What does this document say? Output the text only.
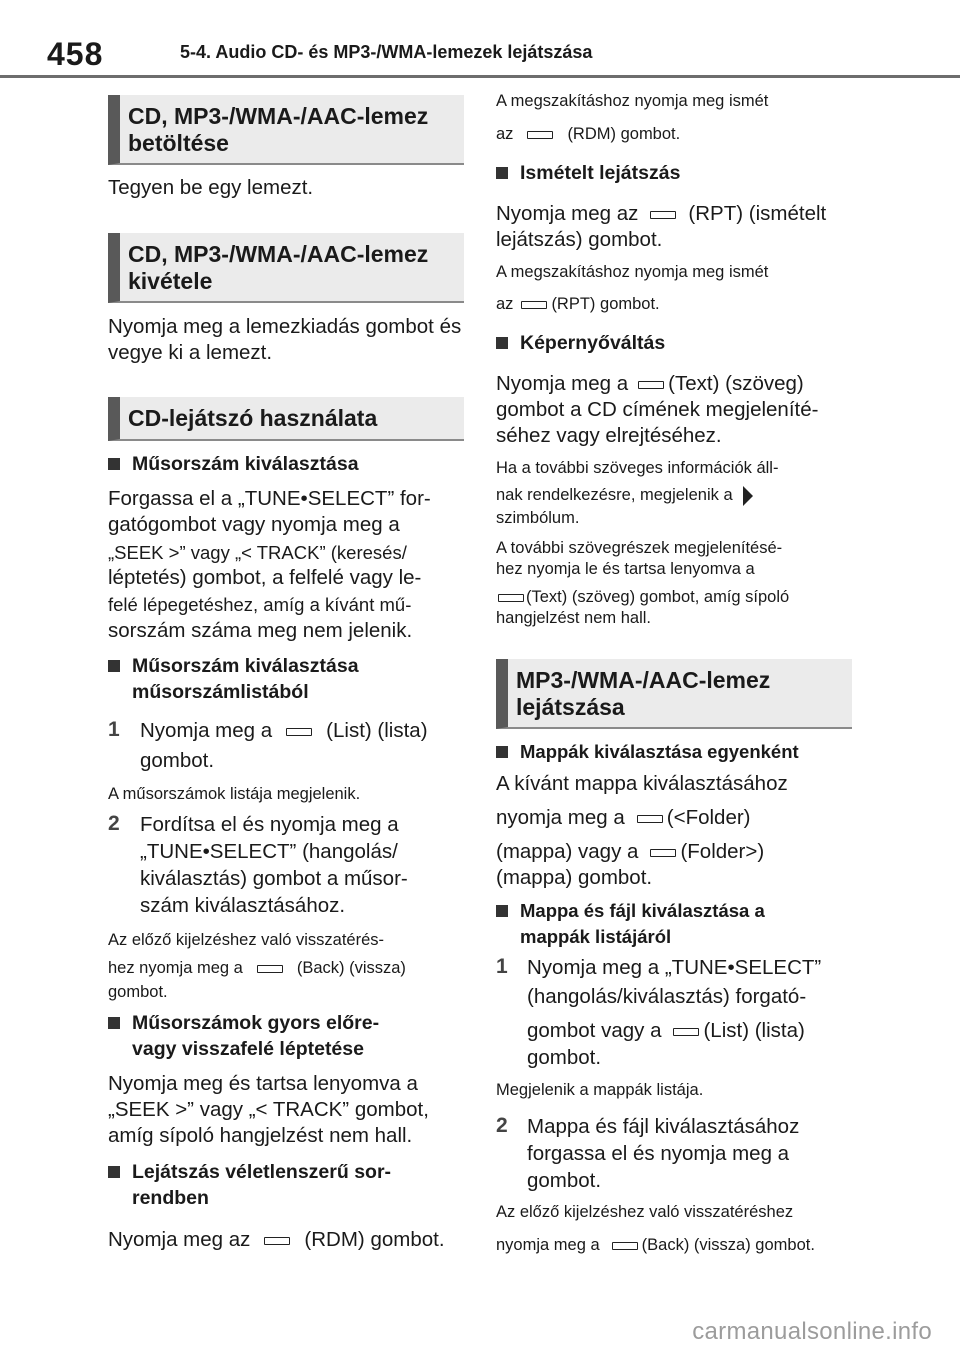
458	5-4. Audio CD- és MP3-/WMA-lemezek lejátszása
CD, MP3-/WMA-/AAC-lemez betöltése

Tegyen be egy lemezt.

CD, MP3-/WMA-/AAC-lemez kivétele

Nyomja meg a lemezkiadás gombot és vegye ki a lemezt.

CD-lejátszó használata
Műsorszám kiválasztása

Forgassa el a „TUNE•SELECT” for-

gatógombot vagy nyomja meg a

„SEEK >” vagy „< TRACK” (keresés/

léptetés) gombot, a felfelé vagy le-

felé lépegetéshez, amíg a kívánt mű-

sorszám száma meg nem jelenik.

Műsorszám kiválasztása
műsorszámlistából
1 Nyomja meg a	(List) (lista)

gombot.

A műsorszámok listája megjelenik.

2 Fordítsa el és nyomja meg a

„TUNE•SELECT” (hangolás/

kiválasztás) gombot a műsor-

szám kiválasztásához.

Az előző kijelzéshez való visszatérés-

hez nyomja meg a	(Back) (vissza)

gombot.

Műsorszámok gyors előre-
vagy visszafelé léptetése

Nyomja meg és tartsa lenyomva a

„SEEK >” vagy „< TRACK” gombot,

amíg sípoló hangjelzést nem hall.

Lejátszás véletlenszerű sor-
rendben

Nyomja meg az	(RDM) gombot.

A megszakításhoz nyomja meg ismét

az	(RDM) gombot.

Ismételt lejátszás

Nyomja meg az (RPT) (ismételt

lejátszás) gombot.

A megszakításhoz nyomja meg ismét

az (RPT) gombot.

Képernyőváltás

Nyomja meg a (Text) (szöveg)

gombot a CD címének megjeleníté-

séhez vagy elrejtéséhez.

Ha a további szöveges információk áll-

nak rendelkezésre, megjelenik a

szimbólum.

A további szövegrészek megjelenítésé-

hez nyomja le és tartsa lenyomva a

(Text) (szöveg) gombot, amíg sípoló

hangjelzést nem hall.

MP3-/WMA-/AAC-lemez lejátszása
Mappák kiválasztása egyenként

A kívánt mappa kiválasztásához

nyomja meg a (<Folder)

(mappa) vagy a (Folder>)

(mappa) gombot.

Mappa és fájl kiválasztása a
mappák listájáról
1 Nyomja meg a „TUNE•SELECT”

(hangolás/kiválasztás) forgató-

gombot vagy a (List) (lista)

gombot.

Megjelenik a mappák listája.

2 Mappa és fájl kiválasztásához

forgassa el és nyomja meg a

gombot.

Az előző kijelzéshez való visszatéréshez

nyomja meg a	(Back) (vissza) gombot.

carmanualsonline.info
